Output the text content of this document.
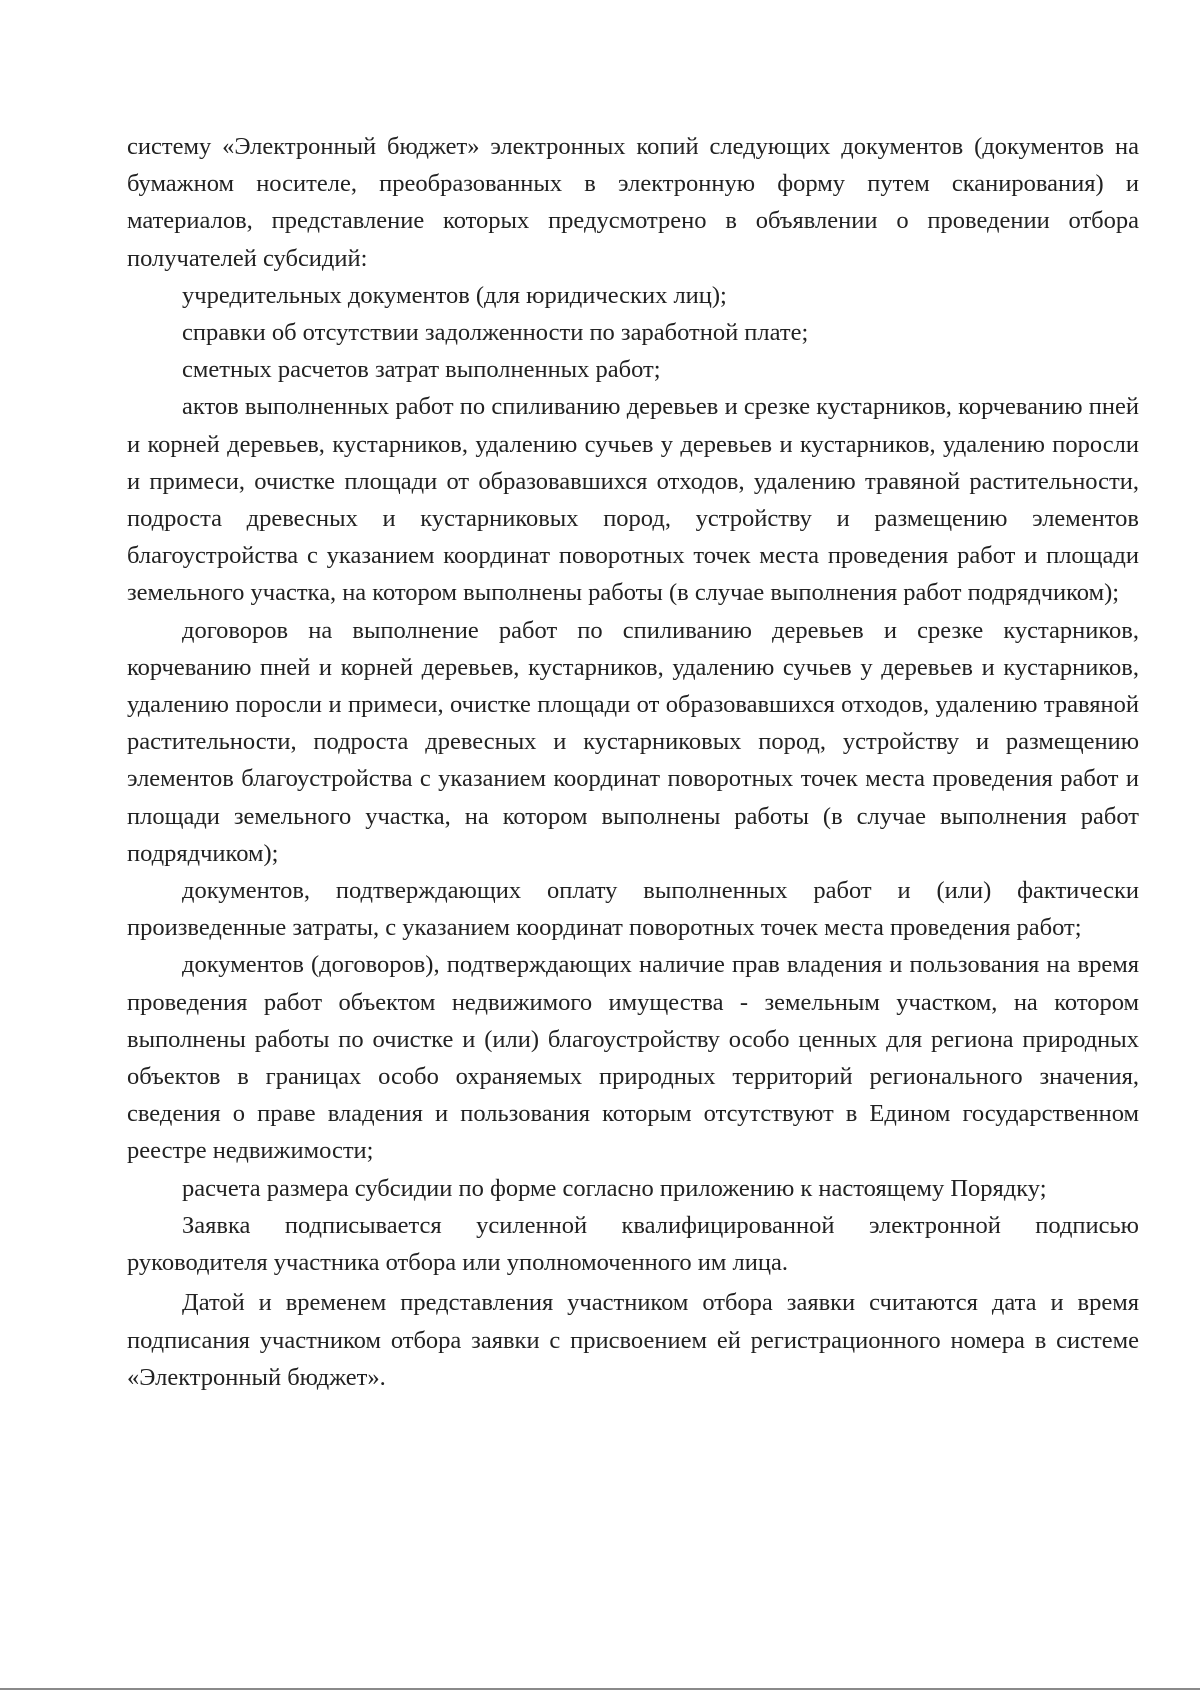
систему «Электронный бюджет» электронных копий следующих документов (документов на бумажном носителе, преобразованных в электронную форму путем сканирования) и материалов, представление которых предусмотрено в объявлении о проведении отбора получателей субсидий:

учредительных документов (для юридических лиц);

справки об отсутствии задолженности по заработной плате;

сметных расчетов затрат выполненных работ;

актов выполненных работ по спиливанию деревьев и срезке кустарников, корчеванию пней и корней деревьев, кустарников, удалению сучьев у деревьев и кустарников, удалению поросли и примеси, очистке площади от образовавшихся отходов, удалению травяной растительности, подроста древесных и кустарниковых пород, устройству и размещению элементов благоустройства с указанием координат поворотных точек места проведения работ и площади земельного участка, на котором выполнены работы (в случае выполнения работ подрядчиком);

договоров на выполнение работ по спиливанию деревьев и срезке кустарников, корчеванию пней и корней деревьев, кустарников, удалению сучьев у деревьев и кустарников, удалению поросли и примеси, очистке площади от образовавшихся отходов, удалению травяной растительности, подроста древесных и кустарниковых пород, устройству и размещению элементов благоустройства с указанием координат поворотных точек места проведения работ и площади земельного участка, на котором выполнены работы (в случае выполнения работ подрядчиком);

документов, подтверждающих оплату выполненных работ и (или) фактически произведенные затраты, с указанием координат поворотных точек места проведения работ;

документов (договоров), подтверждающих наличие прав владения и пользования на время проведения работ объектом недвижимого имущества - земельным участком, на котором выполнены работы по очистке и (или) благоустройству особо ценных для региона природных объектов в границах особо охраняемых природных территорий регионального значения, сведения о праве владения и пользования которым отсутствуют в Едином государственном реестре недвижимости;

расчета размера субсидии по форме согласно приложению к настоящему Порядку;

Заявка подписывается усиленной квалифицированной электронной подписью руководителя участника отбора или уполномоченного им лица.

Датой и временем представления участником отбора заявки считаются дата и время подписания участником отбора заявки с присвоением ей регистрационного номера в системе «Электронный бюджет».
